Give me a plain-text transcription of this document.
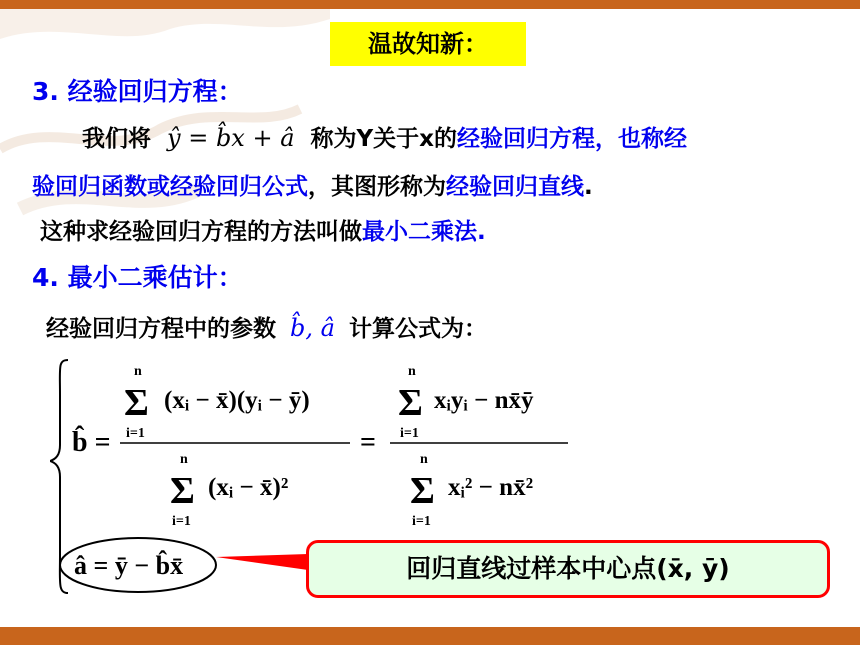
温故知新：
3. 经验回归方程：
我们将 ŷ = b̂x + â 称为Y关于x的经验回归方程，也称经
验回归函数或经验回归公式，其图形称为经验回归直线.
这种求经验回归方程的方法叫做最小二乘法.
4. 最小二乘估计：
经验回归方程中的参数 b̂, â 计算公式为：
b̂ =
n
Σ
i=1
(xᵢ − x̄)(yᵢ − ȳ)
n
Σ
i=1
(xᵢ − x̄)²
=
n
Σ
i=1
xᵢyᵢ − nx̄ȳ
n
Σ
i=1
xᵢ² − nx̄²
â = ȳ − b̂x̄	回归直线过样本中心点(x̄, ȳ)
